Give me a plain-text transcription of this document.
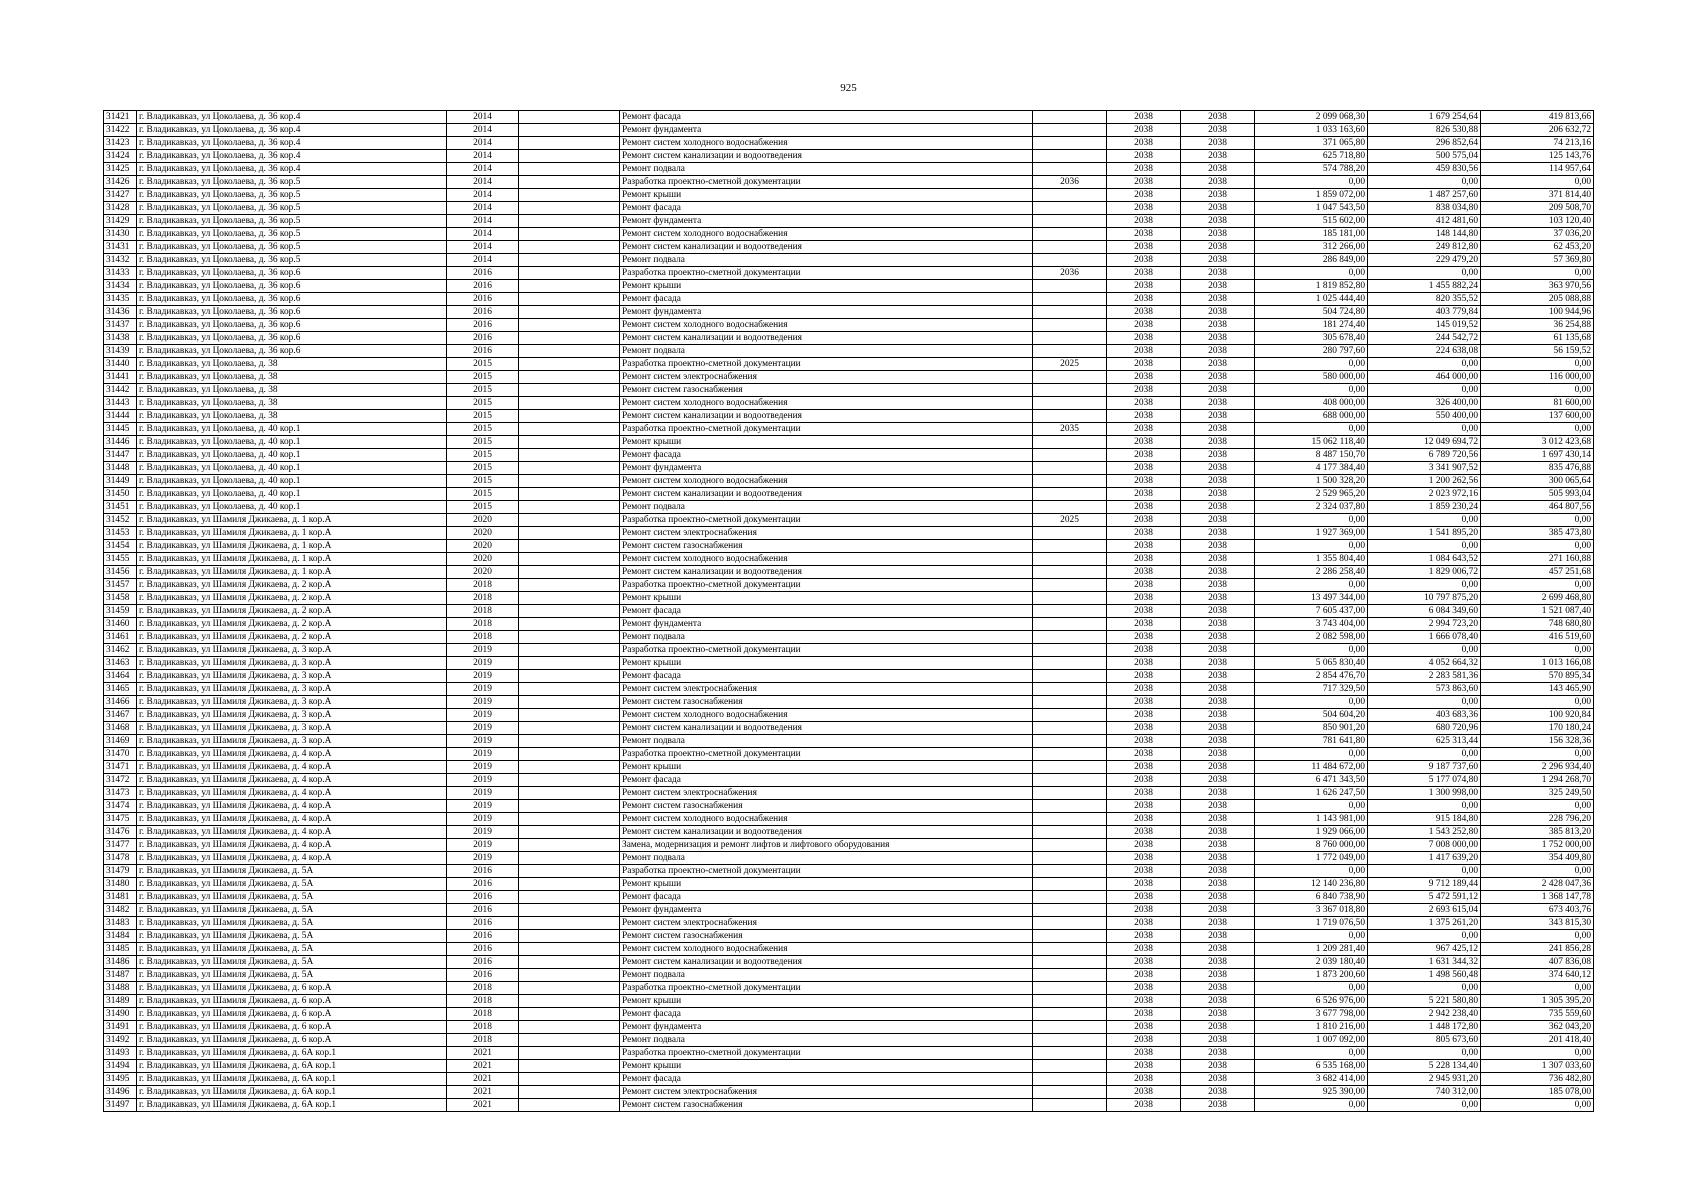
925
31421	г. Владикавказ, ул Цоколаева, д. 36 кор.4	2014		Ремонт фасада		2038	2038	2 099 068,30	1 679 254,64	419 813,66
31422	г. Владикавказ, ул Цоколаева, д. 36 кор.4	2014		Ремонт фундамента		2038	2038	1 033 163,60	826 530,88	206 632,72
31423	г. Владикавказ, ул Цоколаева, д. 36 кор.4	2014		Ремонт систем холодного водоснабжения		2038	2038	371 065,80	296 852,64	74 213,16
31424	г. Владикавказ, ул Цоколаева, д. 36 кор.4	2014		Ремонт систем канализации и водоотведения		2038	2038	625 718,80	500 575,04	125 143,76
31425	г. Владикавказ, ул Цоколаева, д. 36 кор.4	2014		Ремонт подвала		2038	2038	574 788,20	459 830,56	114 957,64
31426	г. Владикавказ, ул Цоколаева, д. 36 кор.5	2014		Разработка проектно-сметной документации	2036	2038	2038	0,00	0,00	0,00
31427	г. Владикавказ, ул Цоколаева, д. 36 кор.5	2014		Ремонт крыши		2038	2038	1 859 072,00	1 487 257,60	371 814,40
31428	г. Владикавказ, ул Цоколаева, д. 36 кор.5	2014		Ремонт фасада		2038	2038	1 047 543,50	838 034,80	209 508,70
31429	г. Владикавказ, ул Цоколаева, д. 36 кор.5	2014		Ремонт фундамента		2038	2038	515 602,00	412 481,60	103 120,40
31430	г. Владикавказ, ул Цоколаева, д. 36 кор.5	2014		Ремонт систем холодного водоснабжения		2038	2038	185 181,00	148 144,80	37 036,20
31431	г. Владикавказ, ул Цоколаева, д. 36 кор.5	2014		Ремонт систем канализации и водоотведения		2038	2038	312 266,00	249 812,80	62 453,20
31432	г. Владикавказ, ул Цоколаева, д. 36 кор.5	2014		Ремонт подвала		2038	2038	286 849,00	229 479,20	57 369,80
31433	г. Владикавказ, ул Цоколаева, д. 36 кор.6	2016		Разработка проектно-сметной документации	2036	2038	2038	0,00	0,00	0,00
31434	г. Владикавказ, ул Цоколаева, д. 36 кор.6	2016		Ремонт крыши		2038	2038	1 819 852,80	1 455 882,24	363 970,56
31435	г. Владикавказ, ул Цоколаева, д. 36 кор.6	2016		Ремонт фасада		2038	2038	1 025 444,40	820 355,52	205 088,88
31436	г. Владикавказ, ул Цоколаева, д. 36 кор.6	2016		Ремонт фундамента		2038	2038	504 724,80	403 779,84	100 944,96
31437	г. Владикавказ, ул Цоколаева, д. 36 кор.6	2016		Ремонт систем холодного водоснабжения		2038	2038	181 274,40	145 019,52	36 254,88
31438	г. Владикавказ, ул Цоколаева, д. 36 кор.6	2016		Ремонт систем канализации и водоотведения		2038	2038	305 678,40	244 542,72	61 135,68
31439	г. Владикавказ, ул Цоколаева, д. 36 кор.6	2016		Ремонт подвала		2038	2038	280 797,60	224 638,08	56 159,52
31440	г. Владикавказ, ул Цоколаева, д. 38	2015		Разработка проектно-сметной документации	2025	2038	2038	0,00	0,00	0,00
31441	г. Владикавказ, ул Цоколаева, д. 38	2015		Ремонт систем электроснабжения		2038	2038	580 000,00	464 000,00	116 000,00
31442	г. Владикавказ, ул Цоколаева, д. 38	2015		Ремонт систем газоснабжения		2038	2038	0,00	0,00	0,00
31443	г. Владикавказ, ул Цоколаева, д. 38	2015		Ремонт систем холодного водоснабжения		2038	2038	408 000,00	326 400,00	81 600,00
31444	г. Владикавказ, ул Цоколаева, д. 38	2015		Ремонт систем канализации и водоотведения		2038	2038	688 000,00	550 400,00	137 600,00
31445	г. Владикавказ, ул Цоколаева, д. 40 кор.1	2015		Разработка проектно-сметной документации	2035	2038	2038	0,00	0,00	0,00
31446	г. Владикавказ, ул Цоколаева, д. 40 кор.1	2015		Ремонт крыши		2038	2038	15 062 118,40	12 049 694,72	3 012 423,68
31447	г. Владикавказ, ул Цоколаева, д. 40 кор.1	2015		Ремонт фасада		2038	2038	8 487 150,70	6 789 720,56	1 697 430,14
31448	г. Владикавказ, ул Цоколаева, д. 40 кор.1	2015		Ремонт фундамента		2038	2038	4 177 384,40	3 341 907,52	835 476,88
31449	г. Владикавказ, ул Цоколаева, д. 40 кор.1	2015		Ремонт систем холодного водоснабжения		2038	2038	1 500 328,20	1 200 262,56	300 065,64
31450	г. Владикавказ, ул Цоколаева, д. 40 кор.1	2015		Ремонт систем канализации и водоотведения		2038	2038	2 529 965,20	2 023 972,16	505 993,04
31451	г. Владикавказ, ул Цоколаева, д. 40 кор.1	2015		Ремонт подвала		2038	2038	2 324 037,80	1 859 230,24	464 807,56
31452	г. Владикавказ, ул Шамиля Джикаева, д. 1 кор.А	2020		Разработка проектно-сметной документации	2025	2038	2038	0,00	0,00	0,00
31453	г. Владикавказ, ул Шамиля Джикаева, д. 1 кор.А	2020		Ремонт систем электроснабжения		2038	2038	1 927 369,00	1 541 895,20	385 473,80
31454	г. Владикавказ, ул Шамиля Джикаева, д. 1 кор.А	2020		Ремонт систем газоснабжения		2038	2038	0,00	0,00	0,00
31455	г. Владикавказ, ул Шамиля Джикаева, д. 1 кор.А	2020		Ремонт систем холодного водоснабжения		2038	2038	1 355 804,40	1 084 643,52	271 160,88
31456	г. Владикавказ, ул Шамиля Джикаева, д. 1 кор.А	2020		Ремонт систем канализации и водоотведения		2038	2038	2 286 258,40	1 829 006,72	457 251,68
31457	г. Владикавказ, ул Шамиля Джикаева, д. 2 кор.А	2018		Разработка проектно-сметной документации		2038	2038	0,00	0,00	0,00
31458	г. Владикавказ, ул Шамиля Джикаева, д. 2 кор.А	2018		Ремонт крыши		2038	2038	13 497 344,00	10 797 875,20	2 699 468,80
31459	г. Владикавказ, ул Шамиля Джикаева, д. 2 кор.А	2018		Ремонт фасада		2038	2038	7 605 437,00	6 084 349,60	1 521 087,40
31460	г. Владикавказ, ул Шамиля Джикаева, д. 2 кор.А	2018		Ремонт фундамента		2038	2038	3 743 404,00	2 994 723,20	748 680,80
31461	г. Владикавказ, ул Шамиля Джикаева, д. 2 кор.А	2018		Ремонт подвала		2038	2038	2 082 598,00	1 666 078,40	416 519,60
31462	г. Владикавказ, ул Шамиля Джикаева, д. 3 кор.А	2019		Разработка проектно-сметной документации		2038	2038	0,00	0,00	0,00
31463	г. Владикавказ, ул Шамиля Джикаева, д. 3 кор.А	2019		Ремонт крыши		2038	2038	5 065 830,40	4 052 664,32	1 013 166,08
31464	г. Владикавказ, ул Шамиля Джикаева, д. 3 кор.А	2019		Ремонт фасада		2038	2038	2 854 476,70	2 283 581,36	570 895,34
31465	г. Владикавказ, ул Шамиля Джикаева, д. 3 кор.А	2019		Ремонт систем электроснабжения		2038	2038	717 329,50	573 863,60	143 465,90
31466	г. Владикавказ, ул Шамиля Джикаева, д. 3 кор.А	2019		Ремонт систем газоснабжения		2038	2038	0,00	0,00	0,00
31467	г. Владикавказ, ул Шамиля Джикаева, д. 3 кор.А	2019		Ремонт систем холодного водоснабжения		2038	2038	504 604,20	403 683,36	100 920,84
31468	г. Владикавказ, ул Шамиля Джикаева, д. 3 кор.А	2019		Ремонт систем канализации и водоотведения		2038	2038	850 901,20	680 720,96	170 180,24
31469	г. Владикавказ, ул Шамиля Джикаева, д. 3 кор.А	2019		Ремонт подвала		2038	2038	781 641,80	625 313,44	156 328,36
31470	г. Владикавказ, ул Шамиля Джикаева, д. 4 кор.А	2019		Разработка проектно-сметной документации		2038	2038	0,00	0,00	0,00
31471	г. Владикавказ, ул Шамиля Джикаева, д. 4 кор.А	2019		Ремонт крыши		2038	2038	11 484 672,00	9 187 737,60	2 296 934,40
31472	г. Владикавказ, ул Шамиля Джикаева, д. 4 кор.А	2019		Ремонт фасада		2038	2038	6 471 343,50	5 177 074,80	1 294 268,70
31473	г. Владикавказ, ул Шамиля Джикаева, д. 4 кор.А	2019		Ремонт систем электроснабжения		2038	2038	1 626 247,50	1 300 998,00	325 249,50
31474	г. Владикавказ, ул Шамиля Джикаева, д. 4 кор.А	2019		Ремонт систем газоснабжения		2038	2038	0,00	0,00	0,00
31475	г. Владикавказ, ул Шамиля Джикаева, д. 4 кор.А	2019		Ремонт систем холодного водоснабжения		2038	2038	1 143 981,00	915 184,80	228 796,20
31476	г. Владикавказ, ул Шамиля Джикаева, д. 4 кор.А	2019		Ремонт систем канализации и водоотведения		2038	2038	1 929 066,00	1 543 252,80	385 813,20
31477	г. Владикавказ, ул Шамиля Джикаева, д. 4 кор.А	2019		Замена, модернизация и ремонт лифтов и лифтового оборудования		2038	2038	8 760 000,00	7 008 000,00	1 752 000,00
31478	г. Владикавказ, ул Шамиля Джикаева, д. 4 кор.А	2019		Ремонт подвала		2038	2038	1 772 049,00	1 417 639,20	354 409,80
31479	г. Владикавказ, ул Шамиля Джикаева, д. 5А	2016		Разработка проектно-сметной документации		2038	2038	0,00	0,00	0,00
31480	г. Владикавказ, ул Шамиля Джикаева, д. 5А	2016		Ремонт крыши		2038	2038	12 140 236,80	9 712 189,44	2 428 047,36
31481	г. Владикавказ, ул Шамиля Джикаева, д. 5А	2016		Ремонт фасада		2038	2038	6 840 738,90	5 472 591,12	1 368 147,78
31482	г. Владикавказ, ул Шамиля Джикаева, д. 5А	2016		Ремонт фундамента		2038	2038	3 367 018,80	2 693 615,04	673 403,76
31483	г. Владикавказ, ул Шамиля Джикаева, д. 5А	2016		Ремонт систем электроснабжения		2038	2038	1 719 076,50	1 375 261,20	343 815,30
31484	г. Владикавказ, ул Шамиля Джикаева, д. 5А	2016		Ремонт систем газоснабжения		2038	2038	0,00	0,00	0,00
31485	г. Владикавказ, ул Шамиля Джикаева, д. 5А	2016		Ремонт систем холодного водоснабжения		2038	2038	1 209 281,40	967 425,12	241 856,28
31486	г. Владикавказ, ул Шамиля Джикаева, д. 5А	2016		Ремонт систем канализации и водоотведения		2038	2038	2 039 180,40	1 631 344,32	407 836,08
31487	г. Владикавказ, ул Шамиля Джикаева, д. 5А	2016		Ремонт подвала		2038	2038	1 873 200,60	1 498 560,48	374 640,12
31488	г. Владикавказ, ул Шамиля Джикаева, д. 6 кор.А	2018		Разработка проектно-сметной документации		2038	2038	0,00	0,00	0,00
31489	г. Владикавказ, ул Шамиля Джикаева, д. 6 кор.А	2018		Ремонт крыши		2038	2038	6 526 976,00	5 221 580,80	1 305 395,20
31490	г. Владикавказ, ул Шамиля Джикаева, д. 6 кор.А	2018		Ремонт фасада		2038	2038	3 677 798,00	2 942 238,40	735 559,60
31491	г. Владикавказ, ул Шамиля Джикаева, д. 6 кор.А	2018		Ремонт фундамента		2038	2038	1 810 216,00	1 448 172,80	362 043,20
31492	г. Владикавказ, ул Шамиля Джикаева, д. 6 кор.А	2018		Ремонт подвала		2038	2038	1 007 092,00	805 673,60	201 418,40
31493	г. Владикавказ, ул Шамиля Джикаева, д. 6А кор.1	2021		Разработка проектно-сметной документации		2038	2038	0,00	0,00	0,00
31494	г. Владикавказ, ул Шамиля Джикаева, д. 6А кор.1	2021		Ремонт крыши		2038	2038	6 535 168,00	5 228 134,40	1 307 033,60
31495	г. Владикавказ, ул Шамиля Джикаева, д. 6А кор.1	2021		Ремонт фасада		2038	2038	3 682 414,00	2 945 931,20	736 482,80
31496	г. Владикавказ, ул Шамиля Джикаева, д. 6А кор.1	2021		Ремонт систем электроснабжения		2038	2038	925 390,00	740 312,00	185 078,00
31497	г. Владикавказ, ул Шамиля Джикаева, д. 6А кор.1	2021		Ремонт систем газоснабжения		2038	2038	0,00	0,00	0,00
